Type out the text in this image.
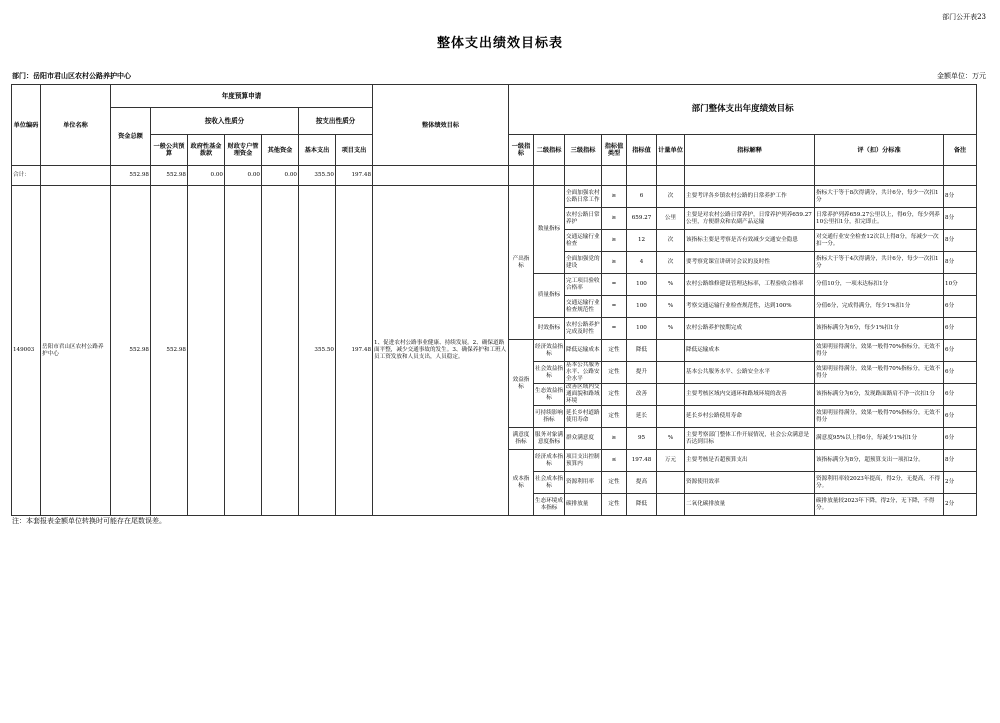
部门公开表23
整体支出绩效目标表
部门：岳阳市君山区农村公路养护中心	金额单位：万元
单位编码	单位名称	年度预算申请							整体绩效目标	部门整体支出年度绩效目标								
		资金总额	按收入性质分				按支出性质分											
			一般公共预算	政府性基金拨款	财政专户管理资金	其他资金	基本支出	项目支出		一级指标	二级指标	三级指标	指标值类型	指标值	计量单位	指标解释	评（扣）分标准	备注
合计：		552.98	552.98	0.00	0.00	0.00	355.50	197.48										
149003	岳阳市君山区农村公路养护中心	552.98	552.98				355.50	197.48	1、促进农村公路事业健康、持续发展。2、确保道路面平整，减少交通事故的发生。3、确保养护和工班人员工资发放和人员支出，人员稳定。	产出指标	数量指标	全面加强农村公路日常工作	≥	6	次	主要考评各乡镇农村公路的日常养护工作	指标大于等于8次得满分，共计6分，每少一次扣1分	8分
												农村公路日常养护	≥	659.27	公里	主要是对农村公路日常养护，日常养护列养659.27公里，方便群众和农副产品运输	日常养护列养659.27公里以上，得6分，每少列养10公里扣1分，扣完即止。	8分
												交通运输行业检查	≥	12	次	该指标主要是考察是否有效减少交通安全隐患	对交通行业安全检查12次以上得8分，每减少一次扣一分。	8分
												全面加强党的建设	≥	4	次	要考察党课宣讲研讨会议的及时性	指标大于等于4次得满分，共计6分，每少一次扣1分	8分
											质量指标	完工项目验收合格率	=	100	%	农村公路维修建设管理达标率，工程验收合格率	分值10分，一项未达标扣1分	10分
												交通运输行业检查规范性	=	100	%	考察交通运输行业检查规范性，达到100%	分值6分，完成得满分，每少1%扣1分	6分
											时效指标	农村公路养护完成及时性	=	100	%	农村公路养护按期完成	该指标满分为6分，每少1%扣1分	6分
										效益指标	经济效益指标	降低运输成本	定性	降低		降低运输成本	效果明显得满分，效果一般得70%指标分，无效不得分	6分
											社会效益指标	基本公共服务水平、公路安全水平	定性	提升		基本公共服务水平、公路安全水平	效果明显得满分，效果一般得70%指标分，无效不得分	6分
											生态效益指标	改善区域内交通面貌和路域环境	定性	改善		主要考核区域内交通环和路域环境的改善	该指标满分为6分，发现路面路肩不净一次扣1分	6分
											可持续影响指标	延长乡村道路使用寿命	定性	延长		延长乡村公路使用寿命	效果明显得满分，效果一般得70%指标分，无效不得分	6分
										满意度指标	服务对象满意度指标	群众满意度	≥	95	%	主要考察部门整体工作开展情况，社会公众满意是否达到目标	满意度95%以上得6分，每减少1%扣1分	6分
										成本指标	经济成本指标	项目支出控制预算内	≤	197.48	万元	主要考核是否超预算支出	该指标满分为8分，超预算支出一项扣2分。	8分
											社会成本指标	资源利用率	定性	提高		资源使用效率	资源利用率较2023年提高，得2分，无提高，不得分。	2分
											生态环境成本指标	碳排放量	定性	降低		二氧化碳排放量	碳排放量较2023年下降，得2分，无下降，不得分。	2分
注：本套报表金额单位转换时可能存在尾数误差。
